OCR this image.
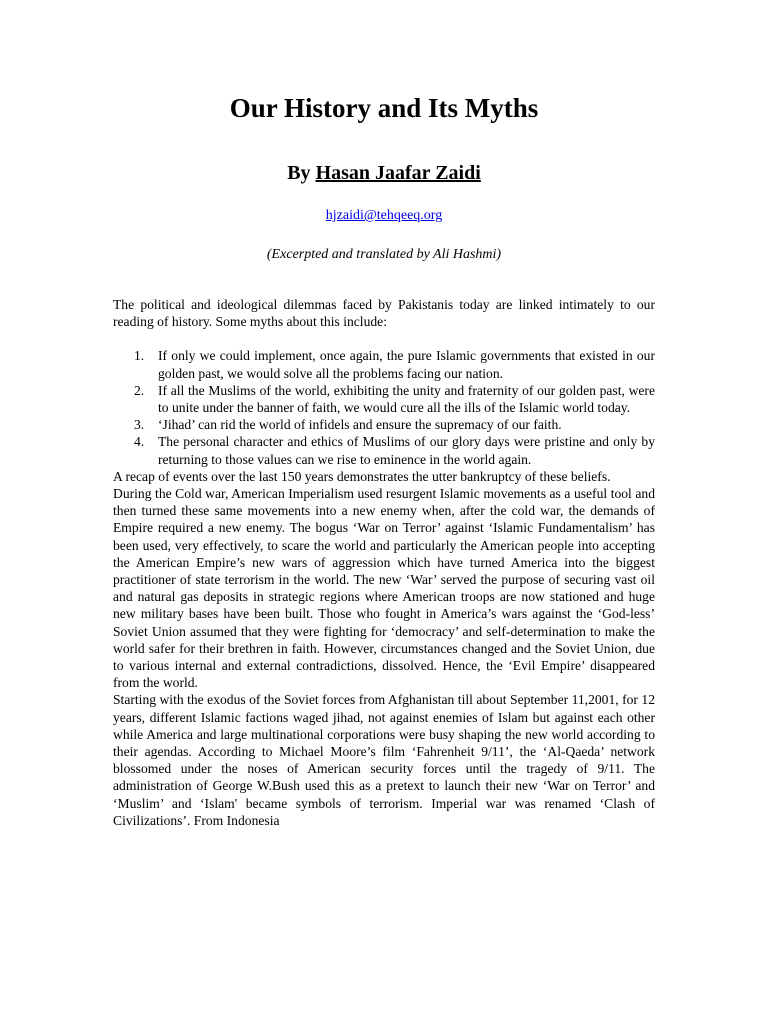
Our History and Its Myths

By Hasan Jaafar Zaidi

hjzaidi@tehqeeq.org
(Excerpted and translated by Ali Hashmi)

The political and ideological dilemmas faced by Pakistanis today are linked intimately to our reading of history. Some myths about this include:

1.	If only we could implement, once again, the pure Islamic governments that existed in our golden past, we would solve all the problems facing our nation.
2.	If all the Muslims of the world, exhibiting the unity and fraternity of our golden past, were to unite under the banner of faith, we would cure all the ills of the Islamic world today.
3.	‘Jihad’ can rid the world of infidels and ensure the supremacy of our faith.
4.	The personal character and ethics of Muslims of our glory days were pristine and only by returning to those values can we rise to eminence in the world again.

A recap of events over the last 150 years demonstrates the utter bankruptcy of these beliefs.

During the Cold war, American Imperialism used resurgent Islamic movements as a useful tool and then turned these same movements into a new enemy when, after the cold war, the demands of Empire required a new enemy. The bogus ‘War on Terror’ against ‘Islamic Fundamentalism’ has been used, very effectively, to scare the world and particularly the American people into accepting the American Empire’s new wars of aggression which have turned America into the biggest practitioner of state terrorism in the world. The new ‘War’ served the purpose of securing vast oil and natural gas deposits in strategic regions where American troops are now stationed and huge new military bases have been built. Those who fought in America’s wars against the ‘God-less’ Soviet Union assumed that they were fighting for ‘democracy’ and self-determination to make the world safer for their brethren in faith. However, circumstances changed and the Soviet Union, due to various internal and external contradictions, dissolved. Hence, the ‘Evil Empire’ disappeared from the world.

Starting with the exodus of the Soviet forces from Afghanistan till about September 11,2001, for 12 years, different Islamic factions waged jihad, not against enemies of Islam but against each other while America and large multinational corporations were busy shaping the new world according to their agendas. According to Michael Moore’s film ‘Fahrenheit 9/11’, the ‘Al-Qaeda’ network blossomed under the noses of American security forces until the tragedy of 9/11. The administration of George W.Bush used this as a pretext to launch their new ‘War on Terror’ and ‘Muslim’ and ‘Islam' became symbols of terrorism. Imperial war was renamed ‘Clash of Civilizations’. From Indonesia
